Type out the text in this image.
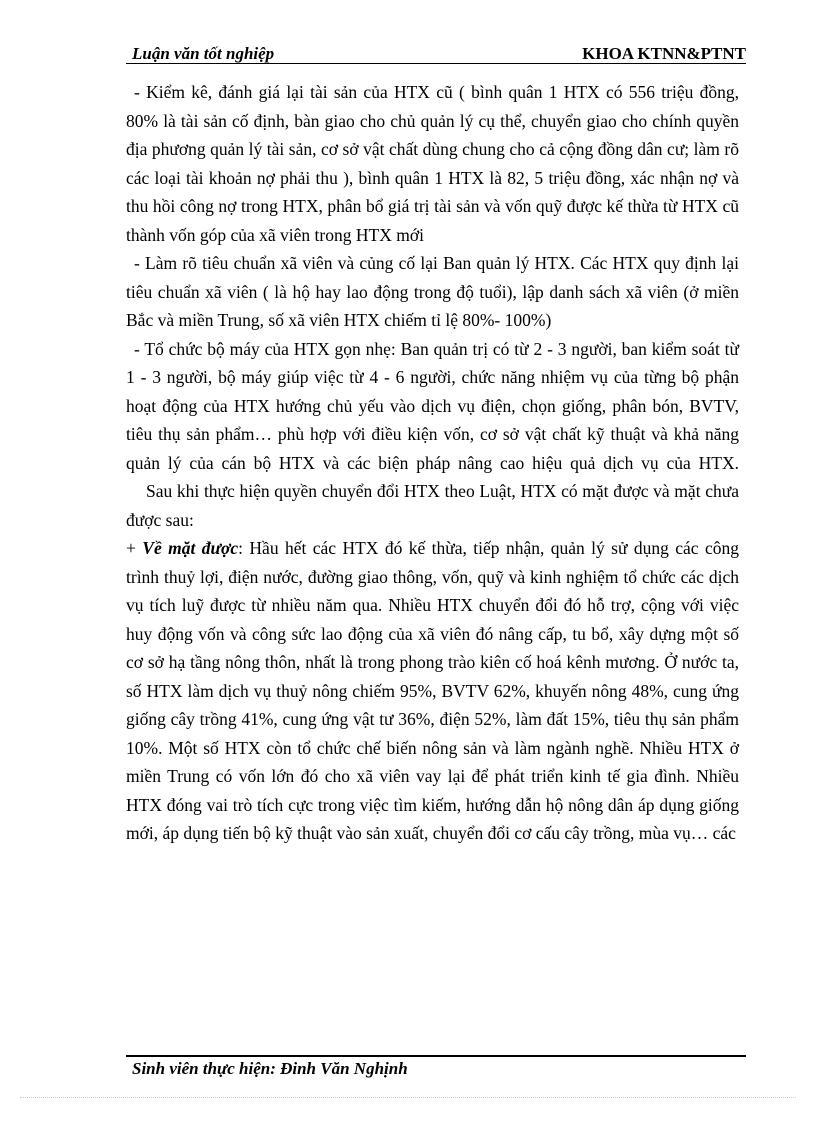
Luận văn tốt nghiệp	KHOA KTNN&PTNT

- Kiểm kê, đánh giá lại tài sản của HTX cũ ( bình quân 1 HTX có 556 triệu đồng, 80% là tài sản cố định, bàn giao cho chủ quản lý cụ thể, chuyển giao cho chính quyền địa phương quản lý tài sản, cơ sở vật chất dùng chung cho cả cộng đồng dân cư; làm rõ các loại tài khoản nợ phải thu ), bình quân 1 HTX là 82, 5 triệu đồng, xác nhận nợ và thu hồi công nợ trong HTX, phân bổ giá trị tài sản và vốn quỹ được kế thừa từ HTX cũ thành vốn góp của xã viên trong HTX mới

- Làm rõ tiêu chuẩn xã viên và củng cố lại Ban quản lý HTX. Các HTX quy định lại tiêu chuẩn xã viên ( là hộ hay lao động trong độ tuổi), lập danh sách xã viên (ở miền Bắc và miền Trung, số xã viên HTX chiếm tỉ lệ 80%- 100%)

- Tổ chức bộ máy của HTX gọn nhẹ: Ban quản trị có từ 2 - 3 người, ban kiểm soát từ 1 - 3 người, bộ máy giúp việc từ 4 - 6 người, chức năng nhiệm vụ của từng bộ phận hoạt động của HTX hướng chủ yếu vào dịch vụ điện, chọn giống, phân bón, BVTV, tiêu thụ sản phẩm… phù hợp với điều kiện vốn, cơ sở vật chất kỹ thuật và khả năng quản lý của cán bộ HTX và các biện pháp nâng cao hiệu quả dịch vụ của HTX.

Sau khi thực hiện quyền chuyển đổi HTX theo Luật, HTX có mặt được và mặt chưa được sau:

+ Về mặt được: Hầu hết các HTX đó kế thừa, tiếp nhận, quản lý sử dụng các công trình thuỷ lợi, điện nước, đường giao thông, vốn, quỹ và kinh nghiệm tổ chức các dịch vụ tích luỹ được từ nhiều năm qua. Nhiều HTX chuyển đổi đó hỗ trợ, cộng với việc huy động vốn và công sức lao động của xã viên đó nâng cấp, tu bổ, xây dựng một số cơ sở hạ tầng nông thôn, nhất là trong phong trào kiên cố hoá kênh mương. Ở nước ta, số HTX làm dịch vụ thuỷ nông chiếm 95%, BVTV 62%, khuyến nông 48%, cung ứng giống cây trồng 41%, cung ứng vật tư 36%, điện 52%, làm đất 15%, tiêu thụ sản phẩm 10%. Một số HTX còn tổ chức chế biến nông sản và làm ngành nghề. Nhiều HTX ở miền Trung có vốn lớn đó cho xã viên vay lại để phát triển kinh tế gia đình. Nhiều HTX đóng vai trò tích cực trong việc tìm kiếm, hướng dẫn hộ nông dân áp dụng giống mới, áp dụng tiến bộ kỹ thuật vào sản xuất, chuyển đổi cơ cấu cây trồng, mùa vụ… các

Sinh viên thực hiện: Đinh Văn Nghịnh
